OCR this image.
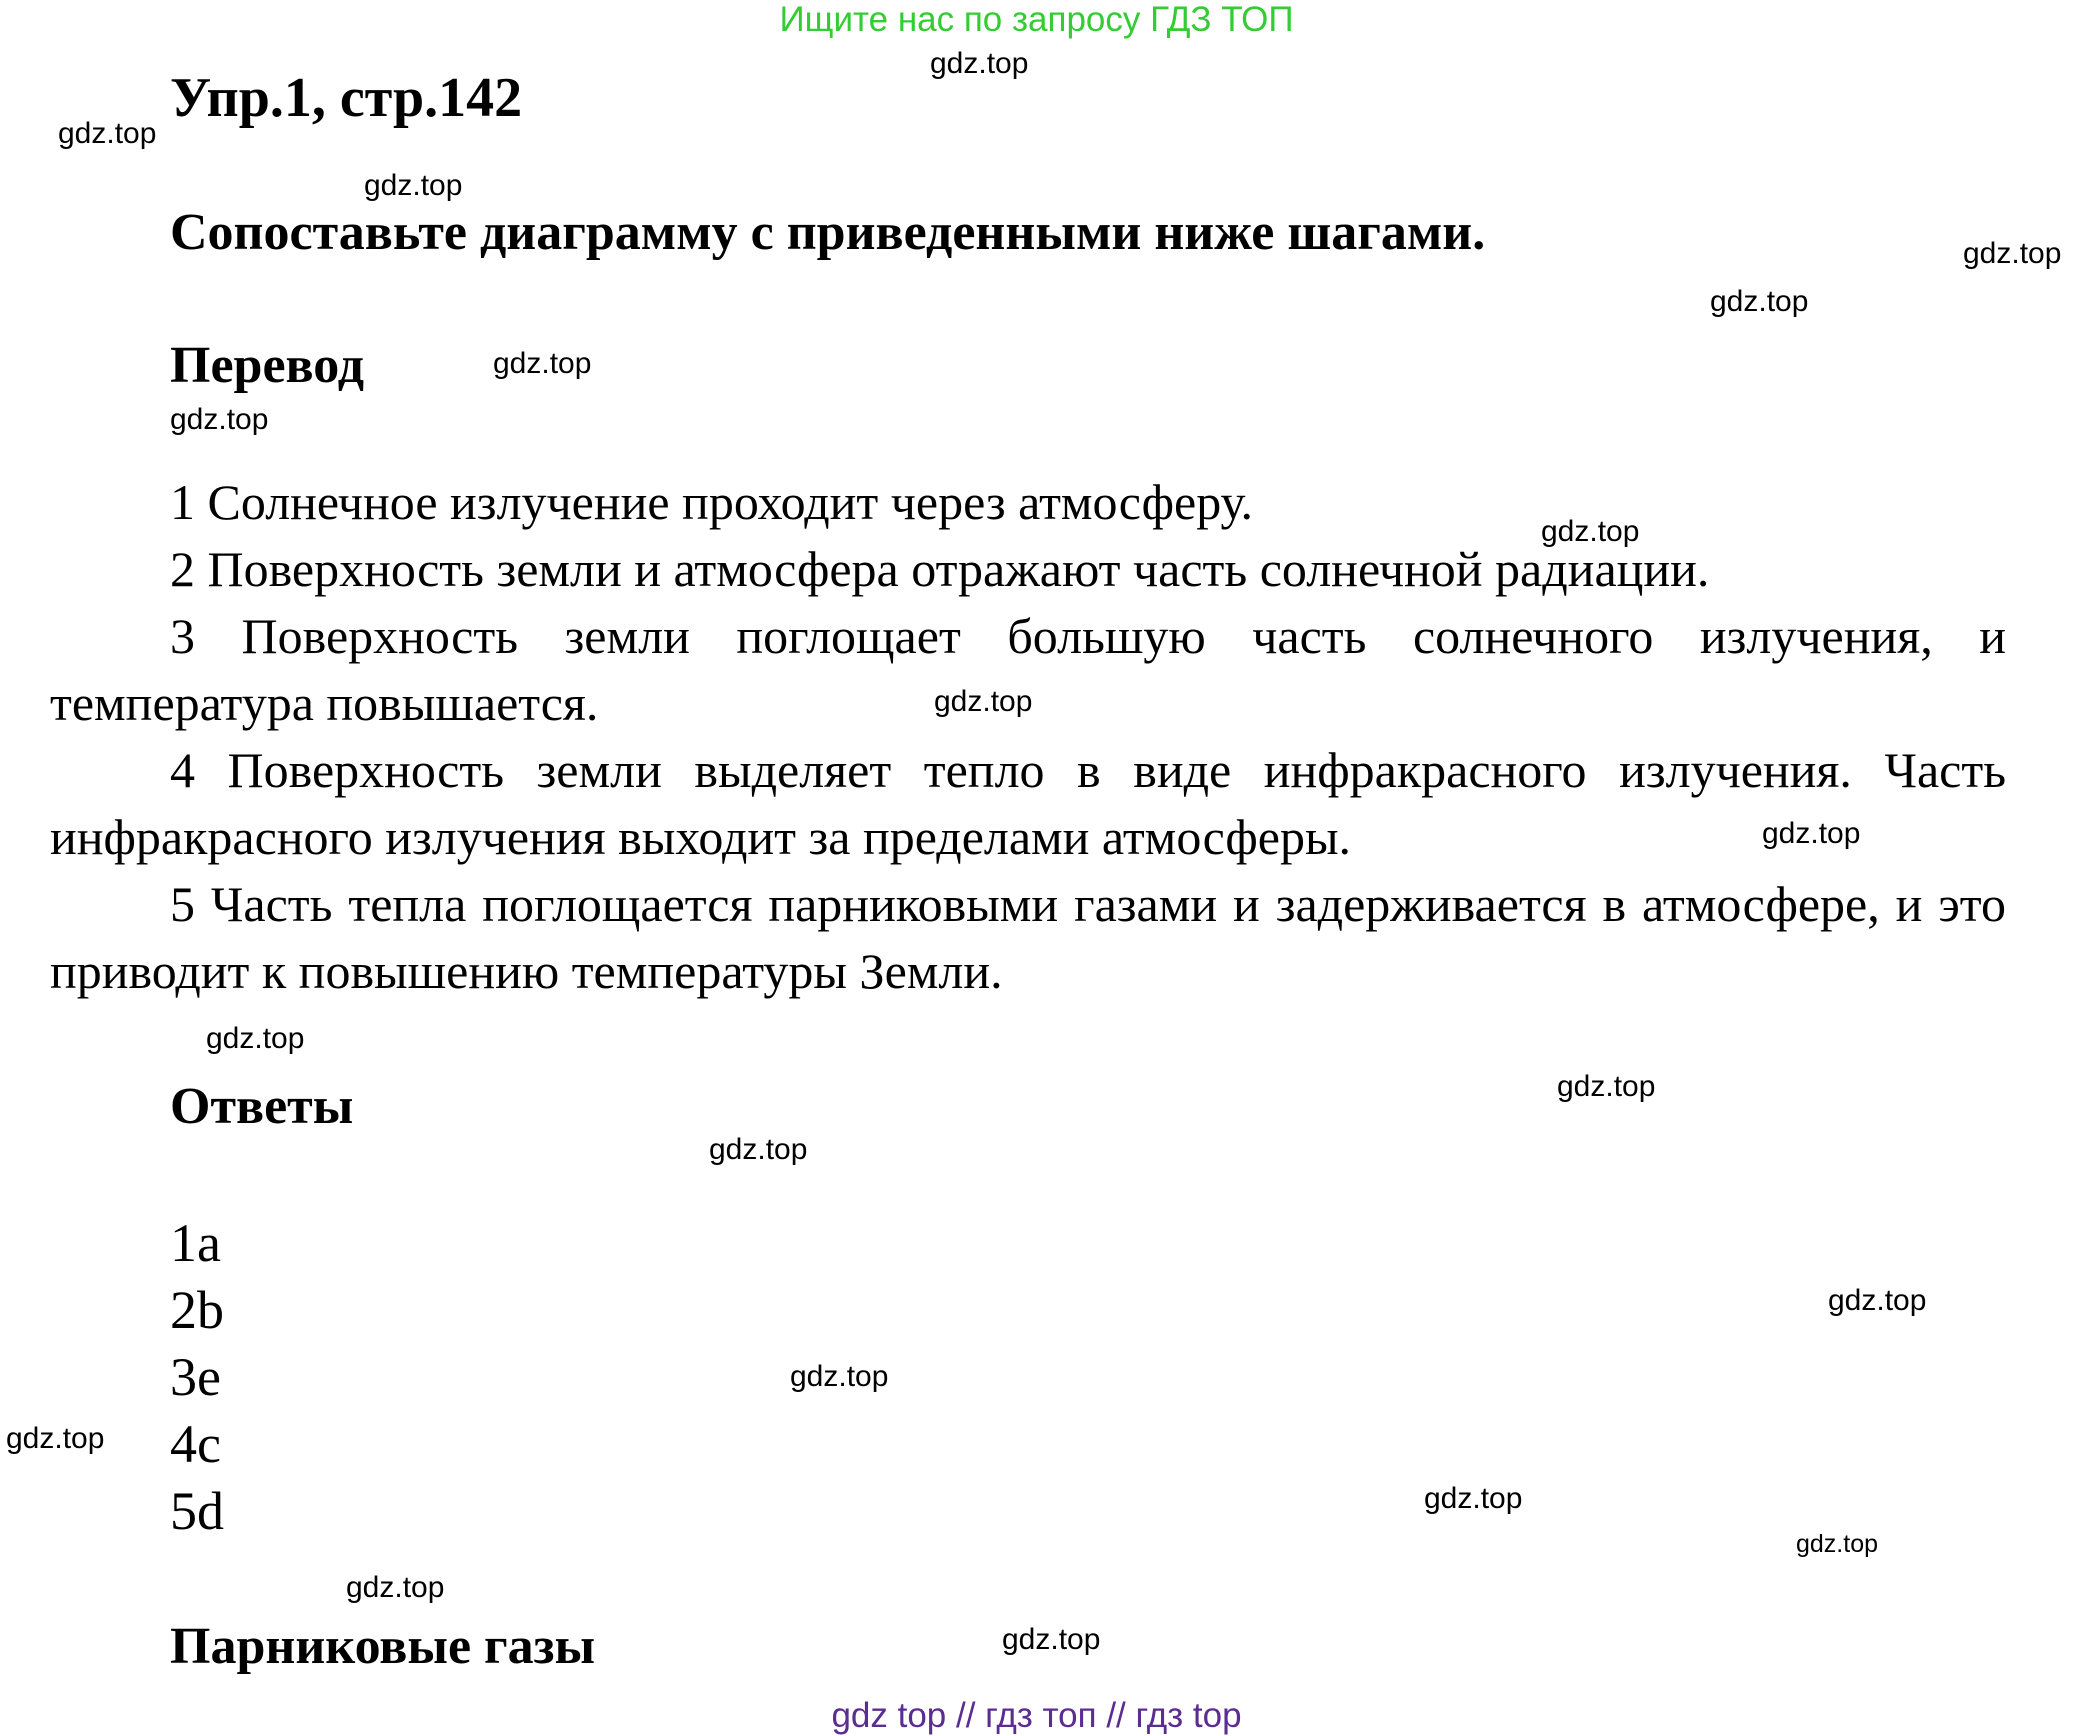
Ищите нас по запросу ГДЗ ТОП
Упр.1, стр.142
Сопоставьте диаграмму с приведенными ниже шагами.
Перевод
1 Солнечное излучение проходит через атмосферу.
2 Поверхность земли и атмосфера отражают часть солнечной радиации.
3 Поверхность земли поглощает большую часть солнечного излучения, и температура повышается.
4 Поверхность земли выделяет тепло в виде инфракрасного излучения. Часть инфракрасного излучения выходит за пределами атмосферы.
5 Часть тепла поглощается парниковыми газами и задерживается в атмосфере, и это приводит к повышению температуры Земли.
Ответы
1a
2b
3e
4c
5d
Парниковые газы
gdz.top
gdz.top
gdz.top
gdz.top
gdz.top
gdz.top
gdz.top
gdz.top
gdz.top
gdz.top
gdz.top
gdz.top
gdz.top
gdz.top
gdz.top
gdz.top
gdz.top
gdz.top
gdz.top
gdz.top
gdz top // гдз топ // гдз top
